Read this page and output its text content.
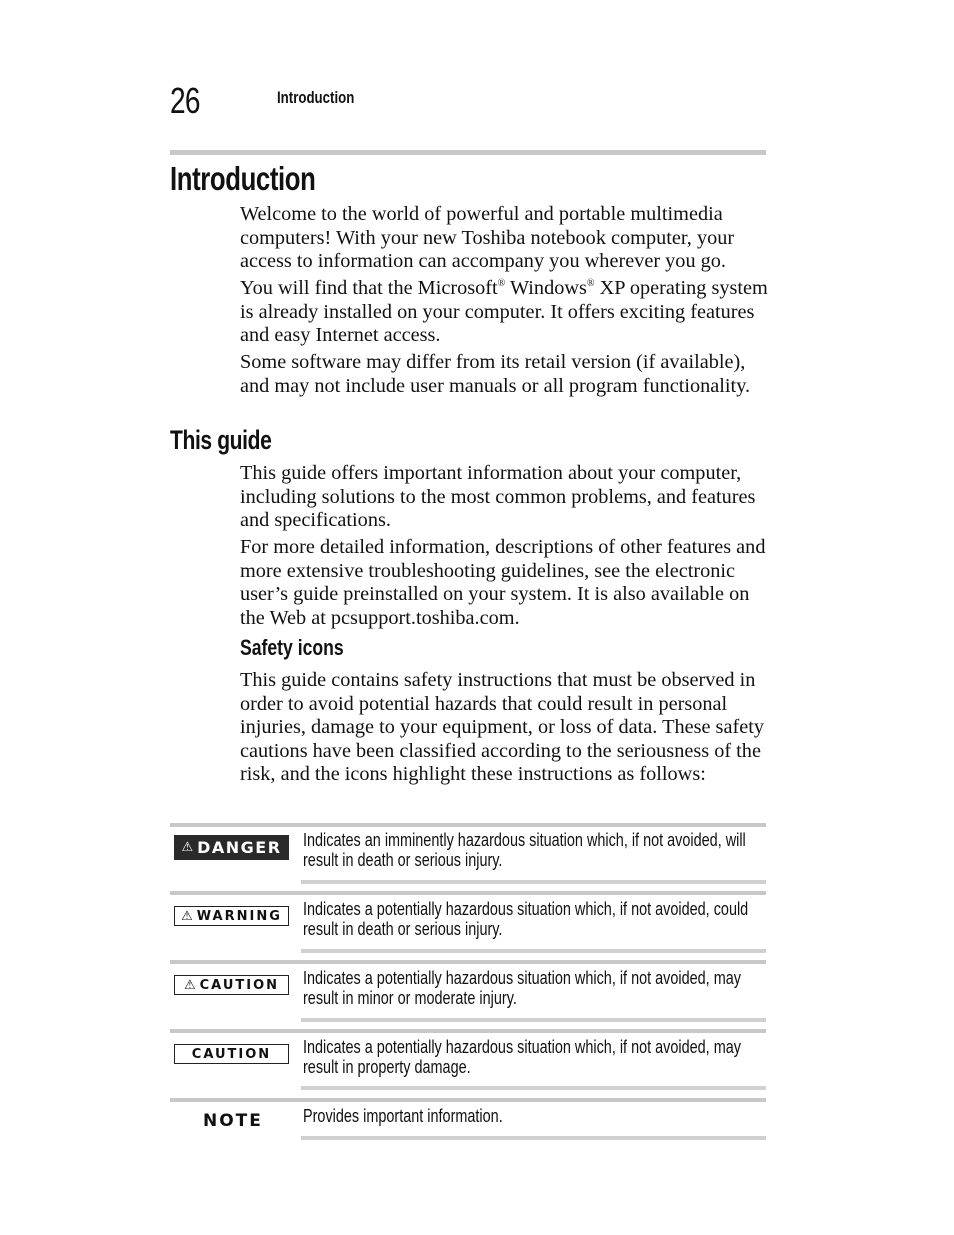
26	Introduction
Introduction
Welcome to the world of powerful and portable multimedia computers! With your new Toshiba notebook computer, your access to information can accompany you wherever you go.
You will find that the Microsoft® Windows® XP operating system is already installed on your computer. It offers exciting features and easy Internet access.
Some software may differ from its retail version (if available), and may not include user manuals or all program functionality.
This guide
This guide offers important information about your computer, including solutions to the most common problems, and features and specifications.
For more detailed information, descriptions of other features and more extensive troubleshooting guidelines, see the electronic user’s guide preinstalled on your system. It is also available on the Web at pcsupport.toshiba.com.
Safety icons
This guide contains safety instructions that must be observed in order to avoid potential hazards that could result in personal injuries, damage to your equipment, or loss of data. These safety cautions have been classified according to the seriousness of the risk, and the icons highlight these instructions as follows:
⚠ DANGER Indicates an imminently hazardous situation which, if not avoided, will result in death or serious injury.
⚠ WARNING Indicates a potentially hazardous situation which, if not avoided, could result in death or serious injury.
⚠ CAUTION Indicates a potentially hazardous situation which, if not avoided, may result in minor or moderate injury.
CAUTION	Indicates a potentially hazardous situation which, if not avoided, may result in property damage.
NOTE Provides important information.
